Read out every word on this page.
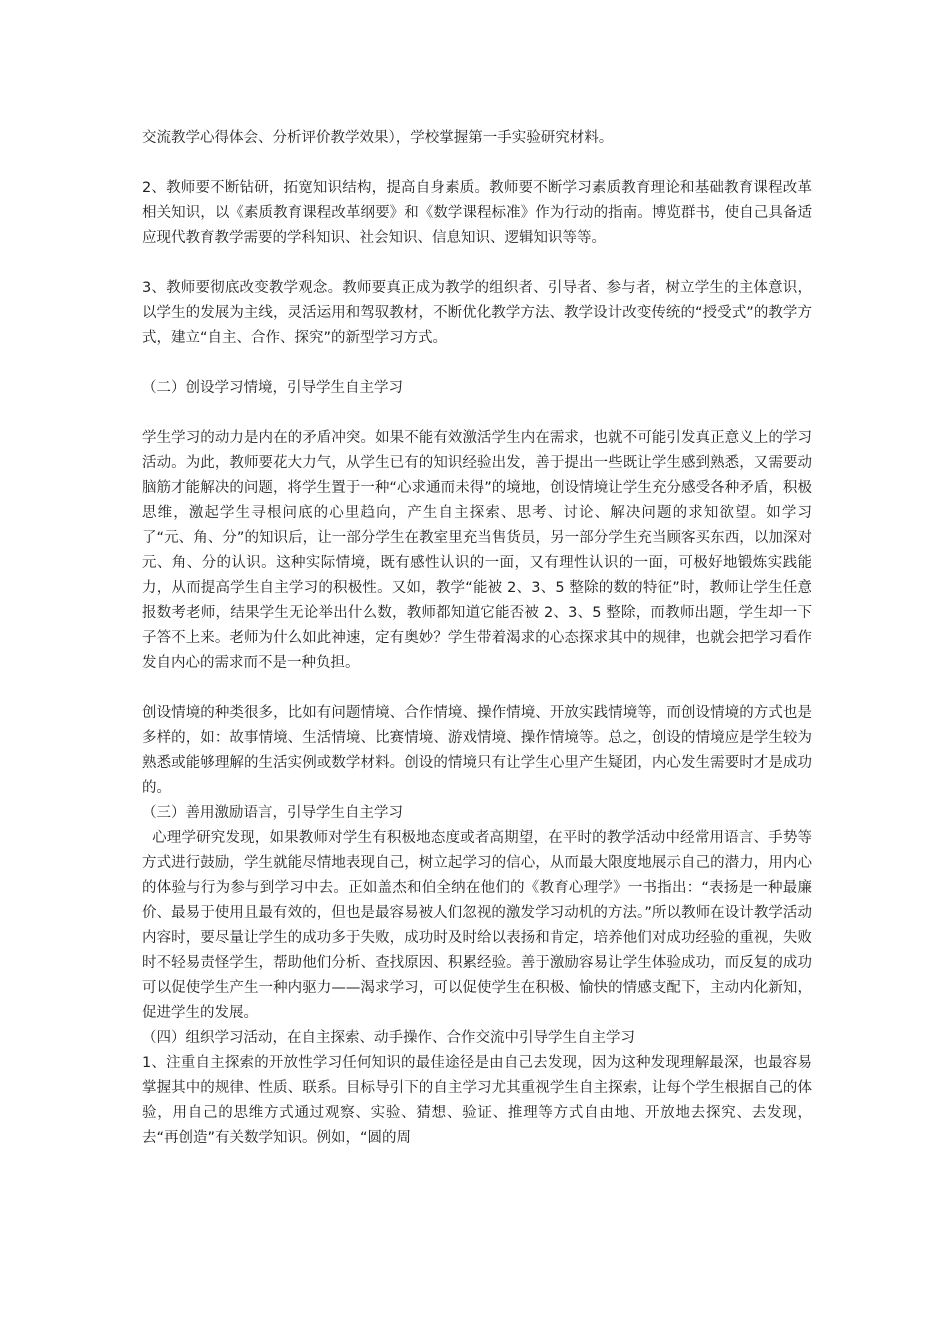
交流教学心得体会、分析评价教学效果），学校掌握第一手实验研究材料。

2、教师要不断钻研，拓宽知识结构，提高自身素质。教师要不断学习素质教育理论和基础教育课程改革相关知识，以《素质教育课程改革纲要》和《数学课程标准》作为行动的指南。博览群书，使自己具备适应现代教育教学需要的学科知识、社会知识、信息知识、逻辑知识等等。

3、教师要彻底改变教学观念。教师要真正成为教学的组织者、引导者、参与者，树立学生的主体意识，以学生的发展为主线，灵活运用和驾驭教材，不断优化教学方法、教学设计改变传统的“授受式”的教学方式，建立“自主、合作、探究”的新型学习方式。

（二）创设学习情境，引导学生自主学习

学生学习的动力是内在的矛盾冲突。如果不能有效激活学生内在需求，也就不可能引发真正意义上的学习活动。为此，教师要花大力气，从学生已有的知识经验出发，善于提出一些既让学生感到熟悉，又需要动脑筋才能解决的问题，将学生置于一种“心求通而未得”的境地，创设情境让学生充分感受各种矛盾，积极思维，激起学生寻根问底的心里趋向，产生自主探索、思考、讨论、解决问题的求知欲望。如学习了“元、角、分”的知识后，让一部分学生在教室里充当售货员，另一部分学生充当顾客买东西，以加深对元、角、分的认识。这种实际情境，既有感性认识的一面，又有理性认识的一面，可极好地锻炼实践能力，从而提高学生自主学习的积极性。又如，教学“能被 2、3、5 整除的数的特征”时，教师让学生任意报数考老师，结果学生无论举出什么数，教师都知道它能否被 2、3、5 整除，而教师出题，学生却一下子答不上来。老师为什么如此神速，定有奥妙？学生带着渴求的心态探求其中的规律，也就会把学习看作发自内心的需求而不是一种负担。

创设情境的种类很多，比如有问题情境、合作情境、操作情境、开放实践情境等，而创设情境的方式也是多样的，如：故事情境、生活情境、比赛情境、游戏情境、操作情境等。总之，创设的情境应是学生较为熟悉或能够理解的生活实例或数学材料。创设的情境只有让学生心里产生疑团，内心发生需要时才是成功的。

（三）善用激励语言，引导学生自主学习

心理学研究发现，如果教师对学生有积极地态度或者高期望，在平时的教学活动中经常用语言、手势等方式进行鼓励，学生就能尽情地表现自己，树立起学习的信心，从而最大限度地展示自己的潜力，用内心的体验与行为参与到学习中去。正如盖杰和伯全纳在他们的《教育心理学》一书指出：“表扬是一种最廉价、最易于使用且最有效的，但也是最容易被人们忽视的激发学习动机的方法。”所以教师在设计教学活动内容时，要尽量让学生的成功多于失败，成功时及时给以表扬和肯定，培养他们对成功经验的重视，失败时不轻易责怪学生，帮助他们分析、查找原因、积累经验。善于激励容易让学生体验成功，而反复的成功可以促使学生产生一种内驱力——渴求学习，可以促使学生在积极、愉快的情感支配下，主动内化新知，促进学生的发展。

（四）组织学习活动，在自主探索、动手操作、合作交流中引导学生自主学习

1、注重自主探索的开放性学习任何知识的最佳途径是由自己去发现，因为这种发现理解最深，也最容易掌握其中的规律、性质、联系。目标导引下的自主学习尤其重视学生自主探索，让每个学生根据自己的体验，用自己的思维方式通过观察、实验、猜想、验证、推理等方式自由地、开放地去探究、去发现，去“再创造”有关数学知识。例如，“圆的周
